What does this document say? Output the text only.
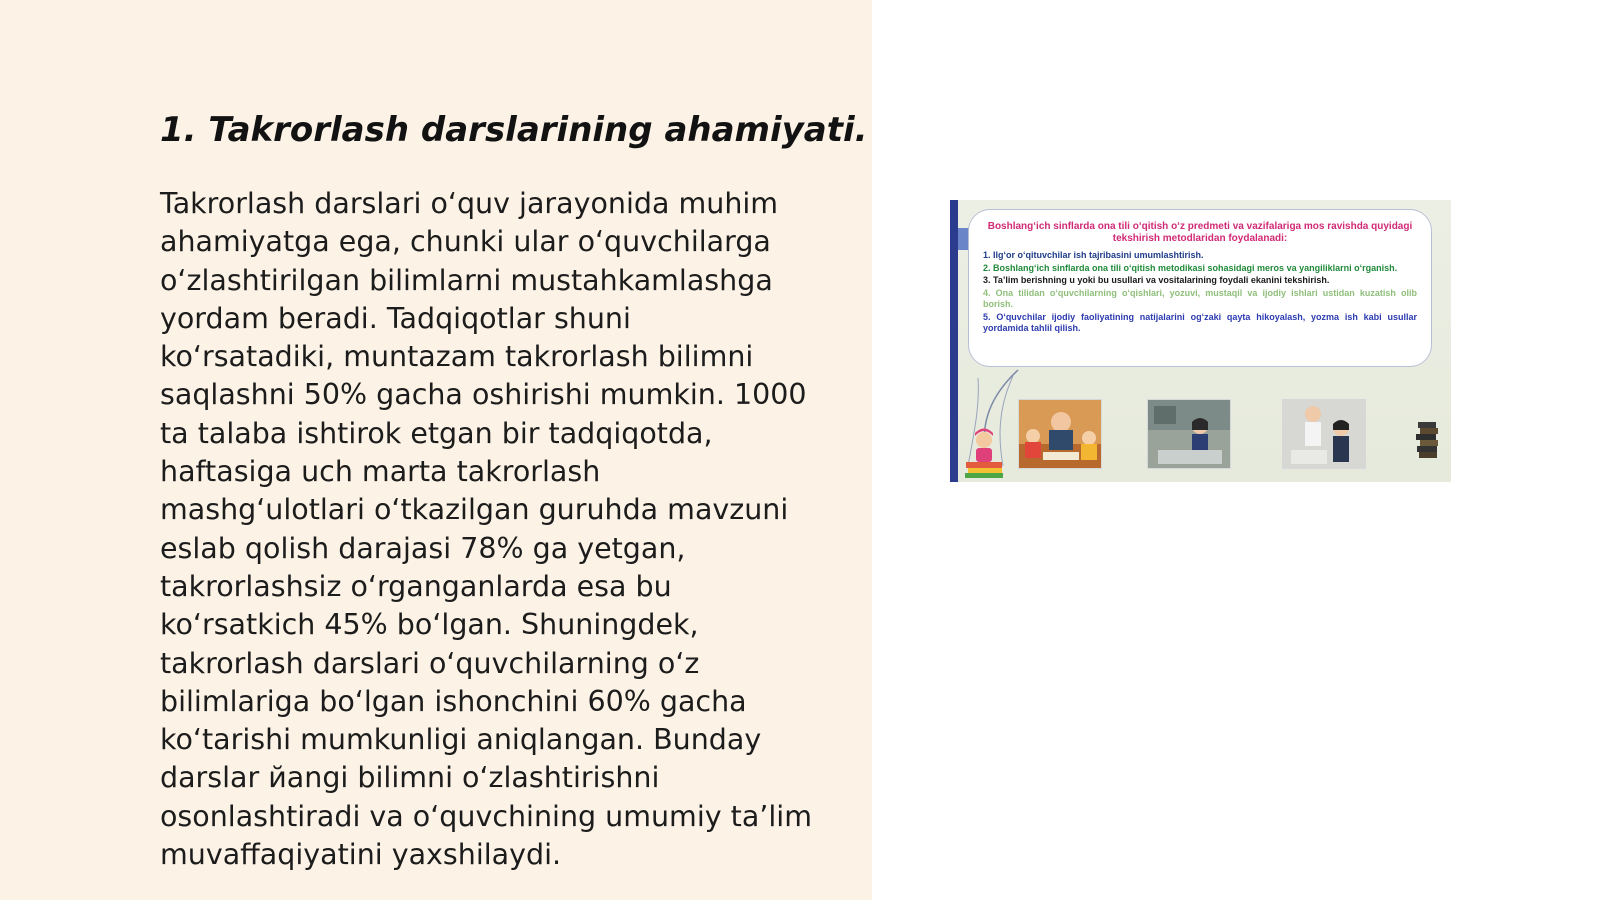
1. Takrorlash darslarining ahamiyati.
Takrorlash darslari o‘quv jarayonida muhim
ahamiyatga ega, chunki ular o‘quvchilarga
o‘zlashtirilgan bilimlarni mustahkamlashga
yordam beradi. Tadqiqotlar shuni
ko‘rsatadiki, muntazam takrorlash bilimni
saqlashni 50% gacha oshirishi mumkin. 1000
ta talaba ishtirok etgan bir tadqiqotda,
haftasiga uch marta takrorlash
mashg‘ulotlari o‘tkazilgan guruhda mavzuni
eslab qolish darajasi 78% ga yetgan,
takrorlashsiz o‘rganganlarda esa bu
ko‘rsatkich 45% bo‘lgan. Shuningdek,
takrorlash darslari o‘quvchilarning o‘z
bilimlariga bo‘lgan ishonchini 60% gacha
ko‘tarishi mumkunligi aniqlangan. Bunday
darslar йangi bilimni o‘zlashtirishni
osonlashtiradi va o‘quvchining umumiy ta’lim
muvaffaqiyatini yaxshilaydi.

Boshlang‘ich sinflarda ona tili o‘qitish o‘z predmeti va vazifalariga mos ravishda quyidagi tekshirish metodlaridan foydalanadi:

1. Ilg‘or o‘qituvchilar ish tajribasini umumlashtirish.

2. Boshlang‘ich sinflarda ona tili o‘qitish metodikasi sohasidagi meros va yangiliklarni o‘rganish.

3. Ta’lim berishning u yoki bu usullari va vositalarining foydali ekanini tekshirish.

4. Ona tilidan o‘quvchilarning o‘qishlari, yozuvi, mustaqil va ijodiy ishlari ustidan kuzatish olib borish.

5. O‘quvchilar ijodiy faoliyatining natijalarini og‘zaki qayta hikoyalash, yozma ish kabi usullar yordamida tahlil qilish.
